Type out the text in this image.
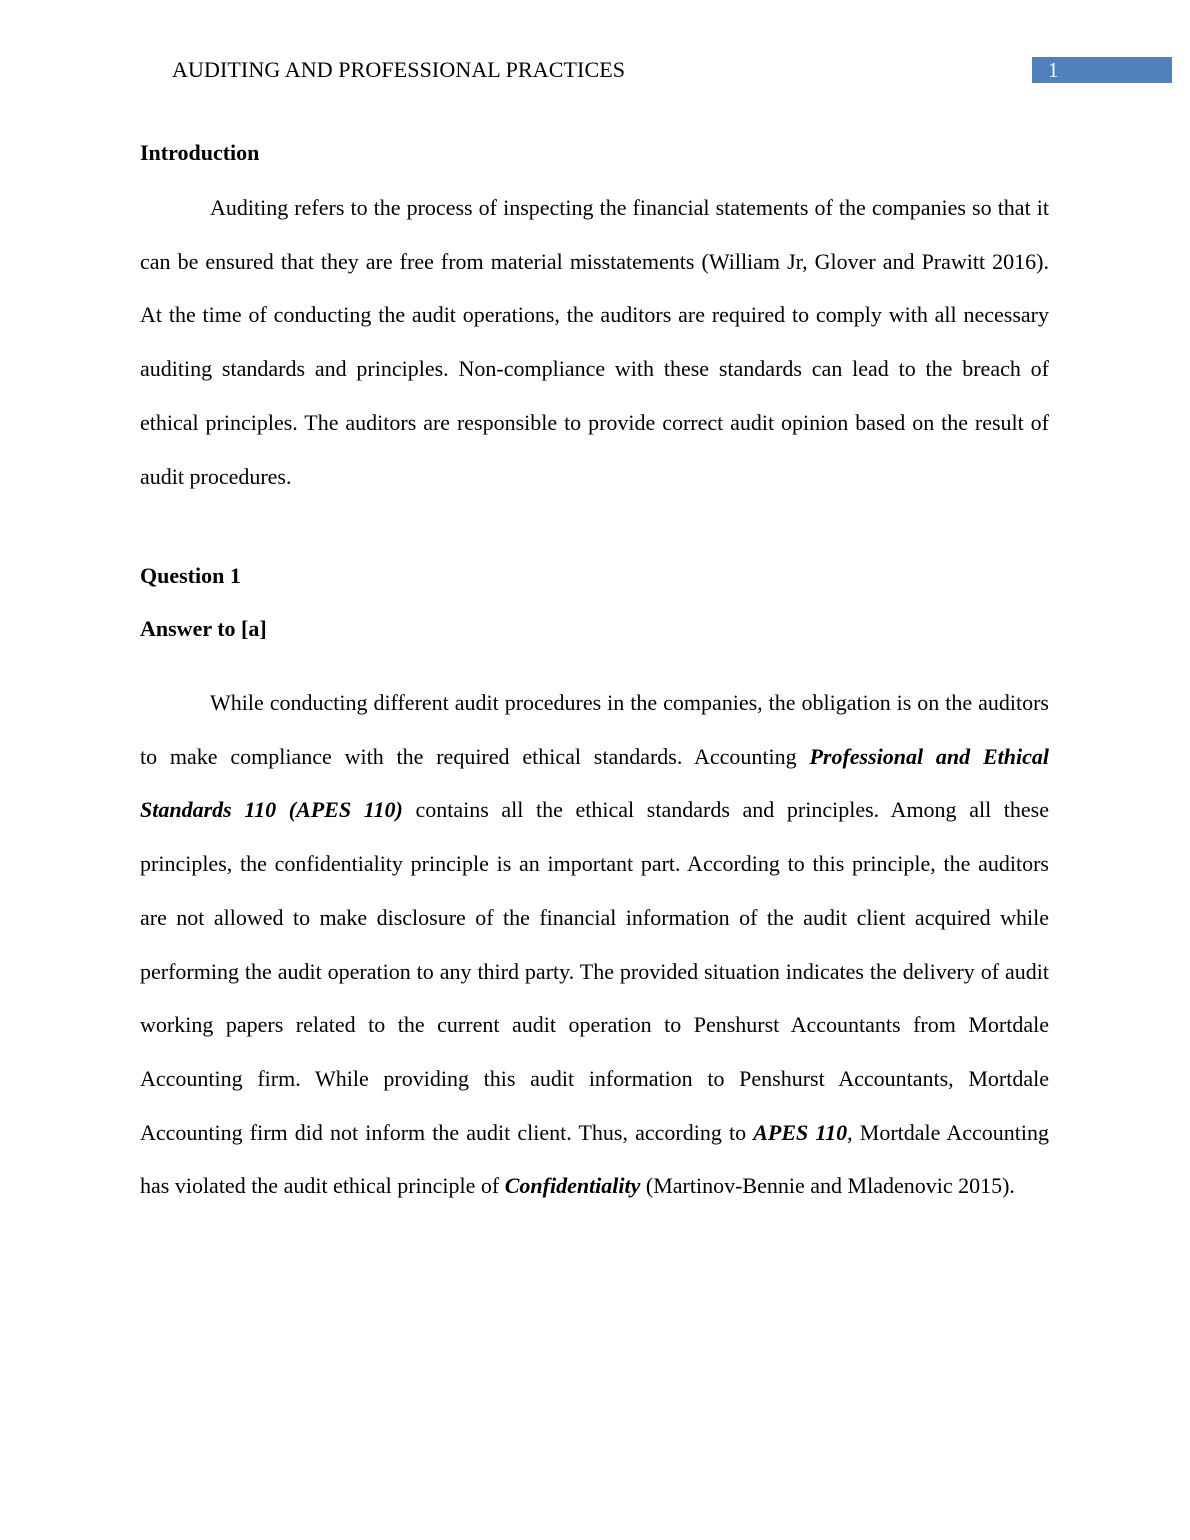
AUDITING AND PROFESSIONAL PRACTICES	1
Introduction
Auditing refers to the process of inspecting the financial statements of the companies so that it can be ensured that they are free from material misstatements (William Jr, Glover and Prawitt 2016). At the time of conducting the audit operations, the auditors are required to comply with all necessary auditing standards and principles. Non-compliance with these standards can lead to the breach of ethical principles. The auditors are responsible to provide correct audit opinion based on the result of audit procedures.
Question 1
Answer to [a]
While conducting different audit procedures in the companies, the obligation is on the auditors to make compliance with the required ethical standards. Accounting Professional and Ethical Standards 110 (APES 110) contains all the ethical standards and principles. Among all these principles, the confidentiality principle is an important part. According to this principle, the auditors are not allowed to make disclosure of the financial information of the audit client acquired while performing the audit operation to any third party. The provided situation indicates the delivery of audit working papers related to the current audit operation to Penshurst Accountants from Mortdale Accounting firm. While providing this audit information to Penshurst Accountants, Mortdale Accounting firm did not inform the audit client. Thus, according to APES 110, Mortdale Accounting has violated the audit ethical principle of Confidentiality (Martinov-Bennie and Mladenovic 2015).
